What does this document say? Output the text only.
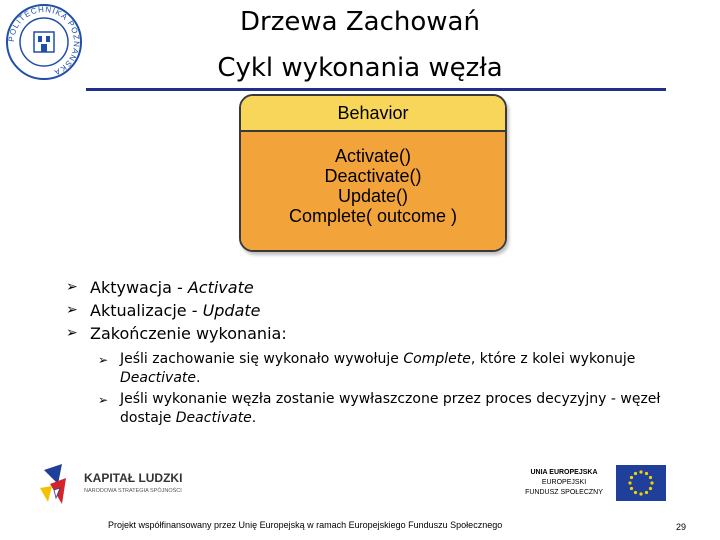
POLITECHNIKA POZNAŃSKA
Drzewa Zachowań
Cykl wykonania węzła
Behavior
Activate()
Deactivate()
Update()
Complete( outcome )
➢ Aktywacja - Activate
➢ Aktualizacje - Update
➢ Zakończenie wykonania:
➢ Jeśli zachowanie się wykonało wywołuje Complete, które z kolei wykonuje Deactivate.
➢ Jeśli wykonanie węzła zostanie wywłaszczone przez proces decyzyjny - węzeł dostaje Deactivate.
KAPITAŁ LUDZKI
NARODOWA STRATEGIA SPÓJNOŚCI
UNIA EUROPEJSKA
EUROPEJSKI
FUNDUSZ SPOŁECZNY
Projekt współfinansowany przez Unię Europejską w ramach Europejskiego Funduszu Społecznego	29
